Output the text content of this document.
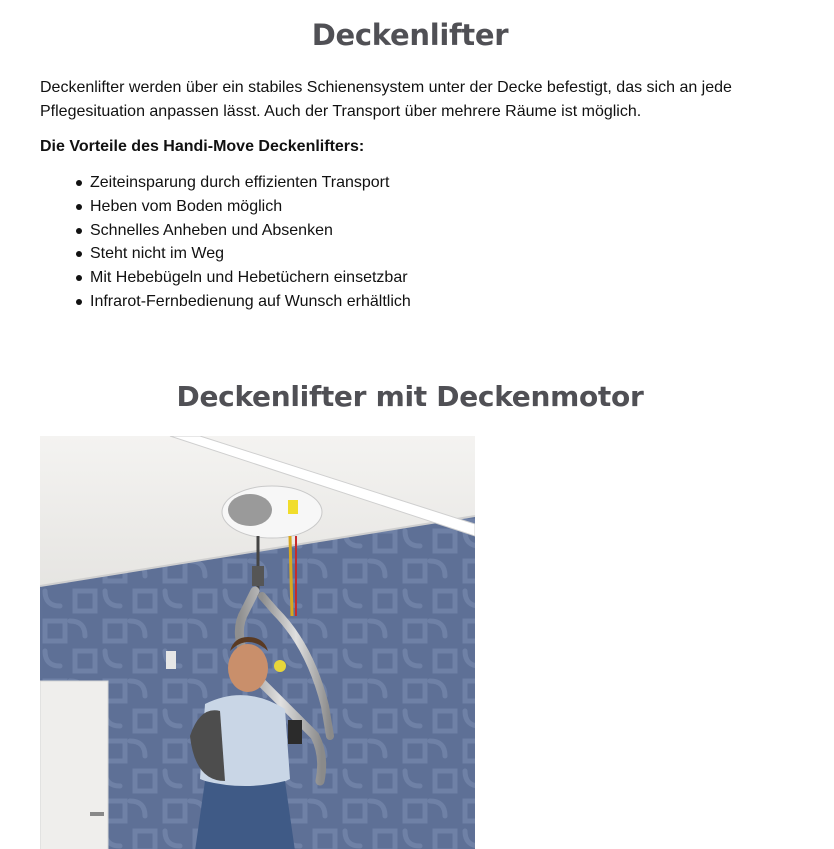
Deckenlifter

Deckenlifter werden über ein stabiles Schienensystem unter der Decke befestigt, das sich an jede Pflegesituation anpassen lässt. Auch der Transport über mehrere Räume ist möglich.

Die Vorteile des Handi-Move Deckenlifters:

Zeiteinsparung durch effizienten Transport
Heben vom Boden möglich
Schnelles Anheben und Absenken
Steht nicht im Weg
Mit Hebebügeln und Hebetüchern einsetzbar
Infrarot-Fernbedienung auf Wunsch erhältlich
Deckenlifter mit Deckenmotor
